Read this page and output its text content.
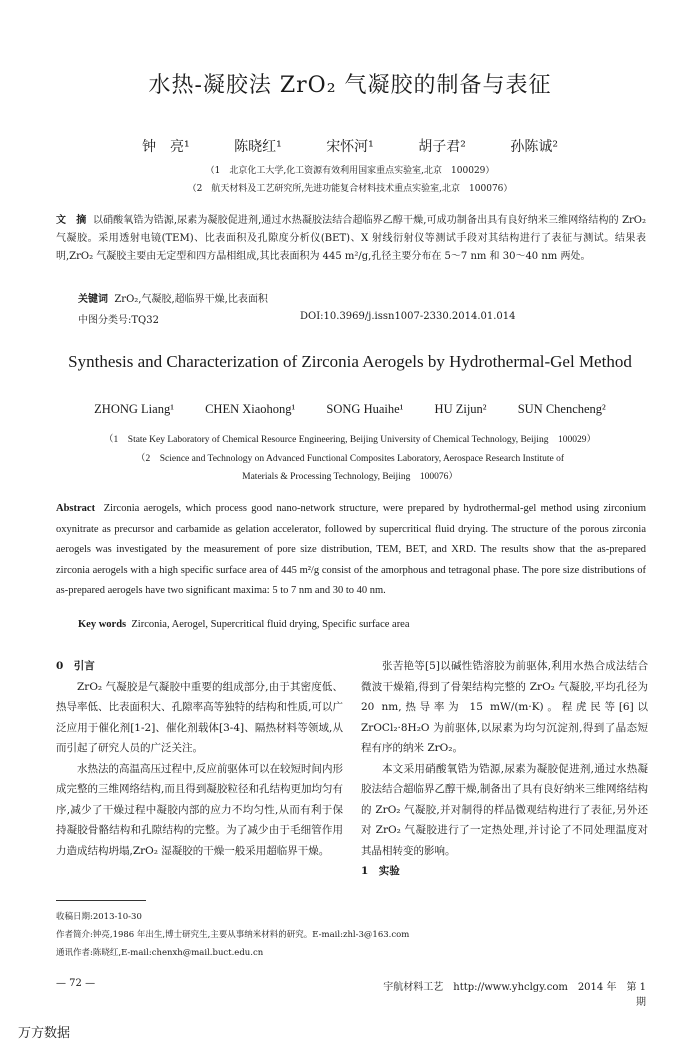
水热-凝胶法 ZrO₂ 气凝胶的制备与表征
钟　亮¹	陈晓红¹	宋怀河¹	胡子君²	孙陈诚²
（1　北京化工大学,化工资源有效利用国家重点实验室,北京　100029）
（2　航天材料及工艺研究所,先进功能复合材料技术重点实验室,北京　100076）
文　摘 以硝酸氧锆为锆源,尿素为凝胶促进剂,通过水热凝胶法结合超临界乙醇干燥,可成功制备出具有良好纳米三维网络结构的 ZrO₂ 气凝胶。采用透射电镜(TEM)、比表面积及孔隙度分析仪(BET)、X 射线衍射仪等测试手段对其结构进行了表征与测试。结果表明,ZrO₂ 气凝胶主要由无定型和四方晶相组成,其比表面积为 445 m²/g,孔径主要分布在 5～7 nm 和 30～40 nm 两处。
关键词 ZrO₂,气凝胶,超临界干燥,比表面积
中图分类号:TQ32	DOI:10.3969/j.issn1007-2330.2014.01.014
Synthesis and Characterization of Zirconia Aerogels by Hydrothermal-Gel Method
ZHONG Liang¹ CHEN Xiaohong¹ SONG Huaihe¹ HU Zijun² SUN Chencheng²
（1　State Key Laboratory of Chemical Resource Engineering, Beijing University of Chemical Technology, Beijing　100029）
（2　Science and Technology on Advanced Functional Composites Laboratory, Aerospace Research Institute of
Materials & Processing Technology, Beijing　100076）
Abstract Zirconia aerogels, which process good nano-network structure, were prepared by hydrothermal-gel method using zirconium oxynitrate as precursor and carbamide as gelation accelerator, followed by supercritical fluid drying. The structure of the porous zirconia aerogels was investigated by the measurement of pore size distribution, TEM, BET, and XRD. The results show that the as-prepared zirconia aerogels with a high specific surface area of 445 m²/g consist of the amorphous and tetragonal phase. The pore size distributions of as-prepared aerogels have two significant maxima: 5 to 7 nm and 30 to 40 nm.
Key words Zirconia, Aerogel, Supercritical fluid drying, Specific surface area

0　引言

ZrO₂ 气凝胶是气凝胶中重要的组成部分,由于其密度低、热导率低、比表面积大、孔隙率高等独特的结构和性质,可以广泛应用于催化剂[1-2]、催化剂载体[3-4]、隔热材料等领域,从而引起了研究人员的广泛关注。

水热法的高温高压过程中,反应前驱体可以在较短时间内形成完整的三维网络结构,而且得到凝胶粒径和孔结构更加均匀有序,减少了干燥过程中凝胶内部的应力不均匀性,从而有利于保持凝胶骨骼结构和孔隙结构的完整。为了减少由于毛细管作用力造成结构坍塌,ZrO₂ 湿凝胶的干燥一般采用超临界干燥。

张苦艳等[5]以碱性锆溶胶为前驱体,利用水热合成法结合微波干燥箱,得到了骨架结构完整的 ZrO₂ 气凝胶,平均孔径为 20 nm,热导率为 15 mW/(m·K)。程虎民等[6]以 ZrOCl₂·8H₂O 为前驱体,以尿素为均匀沉淀剂,得到了晶态短程有序的纳米 ZrO₂。

本文采用硝酸氧锆为锆源,尿素为凝胶促进剂,通过水热凝胶法结合超临界乙醇干燥,制备出了具有良好纳米三维网络结构的 ZrO₂ 气凝胶,并对制得的样品微观结构进行了表征,另外还对 ZrO₂ 气凝胶进行了一定热处理,并讨论了不同处理温度对其晶相转变的影响。

1　实验

收稿日期:2013-10-30
作者简介:钟亮,1986 年出生,博士研究生,主要从事纳米材料的研究。E-mail:zhl-3@163.com
通讯作者:陈晓红,E-mail:chenxh@mail.buct.edu.cn
— 72 —	宇航材料工艺　http://www.yhclgy.com　2014 年　第 1 期
万方数据
